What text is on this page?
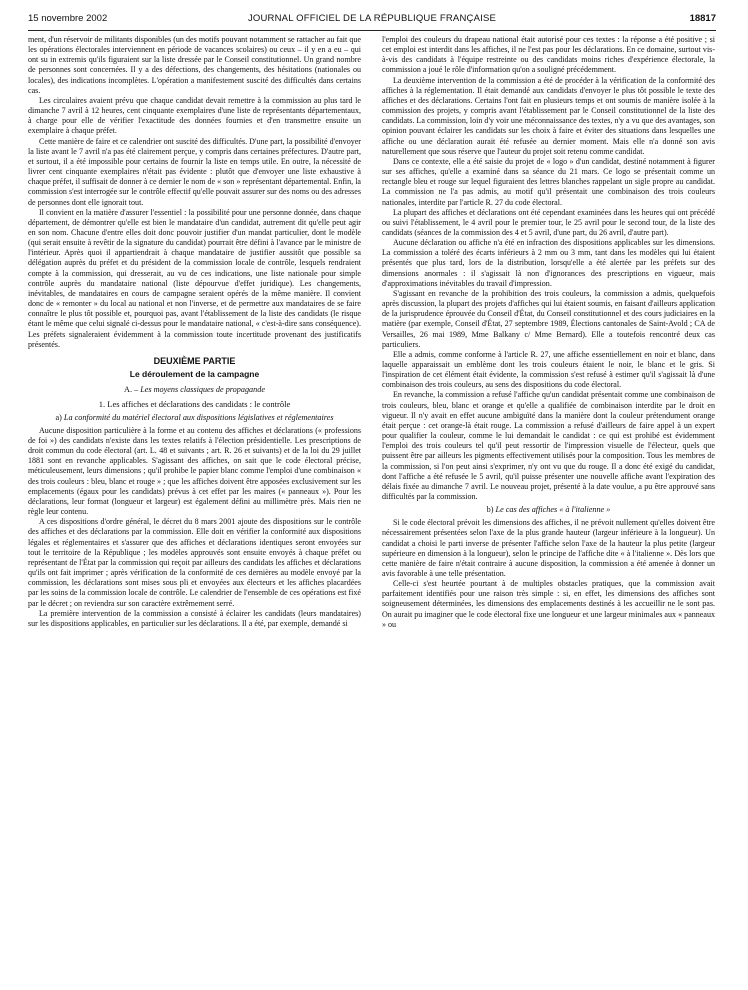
15 novembre 2002	JOURNAL OFFICIEL DE LA RÉPUBLIQUE FRANÇAISE	18817

ment, d'un réservoir de militants disponibles (un des motifs pouvant notamment se rattacher au fait que les opérations électorales interviennent en période de vacances scolaires) ou ceux – il y en a eu – qui ont su in extremis qu'ils figuraient sur la liste dressée par le Conseil constitutionnel. Un grand nombre de personnes sont concernées. Il y a des défections, des changements, des hésitations (nationales ou locales), des indications incomplètes. L'opération a manifestement suscité des difficultés dans certains cas.

Les circulaires avaient prévu que chaque candidat devait remettre à la commission au plus tard le dimanche 7 avril à 12 heures, cent cinquante exemplaires d'une liste de représentants départementaux, à charge pour elle de vérifier l'exactitude des données fournies et d'en transmettre ensuite un exemplaire à chaque préfet.

Cette manière de faire et ce calendrier ont suscité des difficultés. D'une part, la possibilité d'envoyer la liste avant le 7 avril n'a pas été clairement perçue, y compris dans certaines préfectures. D'autre part, et surtout, il a été impossible pour certains de fournir la liste en temps utile. En outre, la nécessité de livrer cent cinquante exemplaires n'était pas évidente : plutôt que d'envoyer une liste exhaustive à chaque préfet, il suffisait de donner à ce dernier le nom de « son » représentant départemental. Enfin, la commission s'est interrogée sur le contrôle effectif qu'elle pouvait assurer sur des noms ou des adresses de personnes dont elle ignorait tout.

Il convient en la matière d'assurer l'essentiel : la possibilité pour une personne donnée, dans chaque département, de démontrer qu'elle est bien le mandataire d'un candidat, autrement dit qu'elle peut agir en son nom. Chacune d'entre elles doit donc pouvoir justifier d'un mandat particulier, dont le modèle (qui serait ensuite à revêtir de la signature du candidat) pourrait être défini à l'avance par le ministre de l'intérieur. Après quoi il appartiendrait à chaque mandataire de justifier aussitôt que possible sa délégation auprès du préfet et du président de la commission locale de contrôle, lesquels rendraient compte à la commission, qui dresserait, au vu de ces indications, une liste nationale pour simple contrôle auprès du mandataire national (liste dépourvue d'effet juridique). Les changements, inévitables, de mandataires en cours de campagne seraient opérés de la même manière. Il convient donc de « remonter » du local au national et non l'inverse, et de permettre aux mandataires de se faire connaître le plus tôt possible et, pourquoi pas, avant l'établissement de la liste des candidats (le risque étant le même que celui signalé ci-dessus pour le mandataire national, « c'est-à-dire sans conséquence). Les préfets signaleraient évidemment à la commission toute incertitude provenant des justificatifs présentés.

DEUXIÈME PARTIE
Le déroulement de la campagne
A. – Les moyens classiques de propagande
1. Les affiches et déclarations des candidats : le contrôle
a) La conformité du matériel électoral aux dispositions législatives et réglementaires

Aucune disposition particulière à la forme et au contenu des affiches et déclarations (« professions de foi ») des candidats n'existe dans les textes relatifs à l'élection présidentielle. Les prescriptions de droit commun du code électoral (art. L. 48 et suivants ; art. R. 26 et suivants) et de la loi du 29 juillet 1881 sont en revanche applicables. S'agissant des affiches, on sait que le code électoral précise, méticuleusement, leurs dimensions ; qu'il prohibe le papier blanc comme l'emploi d'une combinaison « des trois couleurs : bleu, blanc et rouge » ; que les affiches doivent être apposées exclusivement sur les emplacements (égaux pour les candidats) prévus à cet effet par les maires (« panneaux »). Pour les déclarations, leur format (longueur et largeur) est également défini au millimètre près. Mais rien ne règle leur contenu.

A ces dispositions d'ordre général, le décret du 8 mars 2001 ajoute des dispositions sur le contrôle des affiches et des déclarations par la commission. Elle doit en vérifier la conformité aux dispositions légales et réglementaires et s'assurer que des affiches et déclarations identiques seront envoyées sur tout le territoire de la République ; les modèles approuvés sont ensuite envoyés à chaque préfet ou représentant de l'État par la commission qui reçoit par ailleurs des candidats les affiches et déclarations qu'ils ont fait imprimer ; après vérification de la conformité de ces dernières au modèle envoyé par la commission, les déclarations sont mises sous pli et envoyées aux électeurs et les affiches placardées par les soins de la commission locale de contrôle. Le calendrier de l'ensemble de ces opérations est fixé par le décret ; on reviendra sur son caractère extrêmement serré.

La première intervention de la commission a consisté à éclairer les candidats (leurs mandataires) sur les dispositions applicables, en particulier sur les déclarations. Il a été, par exemple, demandé si

l'emploi des couleurs du drapeau national était autorisé pour ces textes : la réponse a été positive ; si cet emploi est interdit dans les affiches, il ne l'est pas pour les déclarations. En ce domaine, surtout vis-à-vis des candidats à l'équipe restreinte ou des candidats moins riches d'expérience électorale, la commission a joué le rôle d'information qu'on a souligné précédemment.

La deuxième intervention de la commission a été de procéder à la vérification de la conformité des affiches à la réglementation. Il était demandé aux candidats d'envoyer le plus tôt possible le texte des affiches et des déclarations. Certains l'ont fait en plusieurs temps et ont soumis de manière isolée à la commission des projets, y compris avant l'établissement par le Conseil constitutionnel de la liste des candidats. La commission, loin d'y voir une méconnaissance des textes, n'y a vu que des avantages, son opinion pouvant éclairer les candidats sur les choix à faire et éviter des situations dans lesquelles une affiche ou une déclaration aurait été refusée au dernier moment. Mais elle n'a donné son avis naturellement que sous réserve que l'auteur du projet soit retenu comme candidat.

Dans ce contexte, elle a été saisie du projet de « logo » d'un candidat, destiné notamment à figurer sur ses affiches, qu'elle a examiné dans sa séance du 21 mars. Ce logo se présentait comme un rectangle bleu et rouge sur lequel figuraient des lettres blanches rappelant un sigle propre au candidat. La commission ne l'a pas admis, au motif qu'il présentait une combinaison des trois couleurs nationales, interdite par l'article R. 27 du code électoral.

La plupart des affiches et déclarations ont été cependant examinées dans les heures qui ont précédé ou suivi l'établissement, le 4 avril pour le premier tour, le 25 avril pour le second tour, de la liste des candidats (séances de la commission des 4 et 5 avril, d'une part, du 26 avril, d'autre part).

Aucune déclaration ou affiche n'a été en infraction des dispositions applicables sur les dimensions. La commission a toléré des écarts inférieurs à 2 mm ou 3 mm, tant dans les modèles qui lui étaient présentés que plus tard, lors de la distribution, lorsqu'elle a été alertée par les préfets sur des dimensions anormales : il s'agissait là non d'ignorances des prescriptions en vigueur, mais d'approximations inévitables du travail d'impression.

S'agissant en revanche de la prohibition des trois couleurs, la commission a admis, quelquefois après discussion, la plupart des projets d'affiches qui lui étaient soumis, en faisant d'ailleurs application de la jurisprudence éprouvée du Conseil d'État, du Conseil constitutionnel et des cours judiciaires en la matière (par exemple, Conseil d'État, 27 septembre 1989, Élections cantonales de Saint-Avold ; CA de Versailles, 26 mai 1989, Mme Balkany c/ Mme Bernard). Elle a toutefois rencontré deux cas particuliers.

Elle a admis, comme conforme à l'article R. 27, une affiche essentiellement en noir et blanc, dans laquelle apparaissait un emblème dont les trois couleurs étaient le noir, le blanc et le gris. Si l'inspiration de cet élément était évidente, la commission s'est refusé à estimer qu'il s'agissait là d'une combinaison des trois couleurs, au sens des dispositions du code électoral.

En revanche, la commission a refusé l'affiche qu'un candidat présentait comme une combinaison de trois couleurs, bleu, blanc et orange et qu'elle a qualifiée de combinaison interdite par le droit en vigueur. Il n'y avait en effet aucune ambiguïté dans la manière dont la couleur prétendument orange était perçue : cet orange-là était rouge. La commission a refusé d'ailleurs de faire appel à un expert pour qualifier la couleur, comme le lui demandait le candidat : ce qui est prohibé est évidemment l'emploi des trois couleurs tel qu'il peut ressortir de l'impression visuelle de l'électeur, quels que puissent être par ailleurs les pigments effectivement utilisés pour la composition. Tous les membres de la commission, si l'on peut ainsi s'exprimer, n'y ont vu que du rouge. Il a donc été exigé du candidat, dont l'affiche a été refusée le 5 avril, qu'il puisse présenter une nouvelle affiche avant l'expiration des délais fixée au dimanche 7 avril. Le nouveau projet, présenté à la date voulue, a pu être approuvé sans difficultés par la commission.

b) Le cas des affiches « à l'italienne »

Si le code électoral prévoit les dimensions des affiches, il ne prévoit nullement qu'elles doivent être nécessairement présentées selon l'axe de la plus grande hauteur (largeur inférieure à la longueur). Un candidat a choisi le parti inverse de présenter l'affiche selon l'axe de la hauteur la plus petite (largeur supérieure en dimension à la longueur), selon le principe de l'affiche dite « à l'italienne ». Dès lors que cette manière de faire n'était contraire à aucune disposition, la commission a été amenée à donner un avis favorable à une telle présentation.

Celle-ci s'est heurtée pourtant à de multiples obstacles pratiques, que la commission avait parfaitement identifiés pour une raison très simple : si, en effet, les dimensions des affiches sont soigneusement déterminées, les dimensions des emplacements destinés à les accueillir ne le sont pas. On aurait pu imaginer que le code électoral fixe une longueur et une largeur minimales aux « panneaux » ou
